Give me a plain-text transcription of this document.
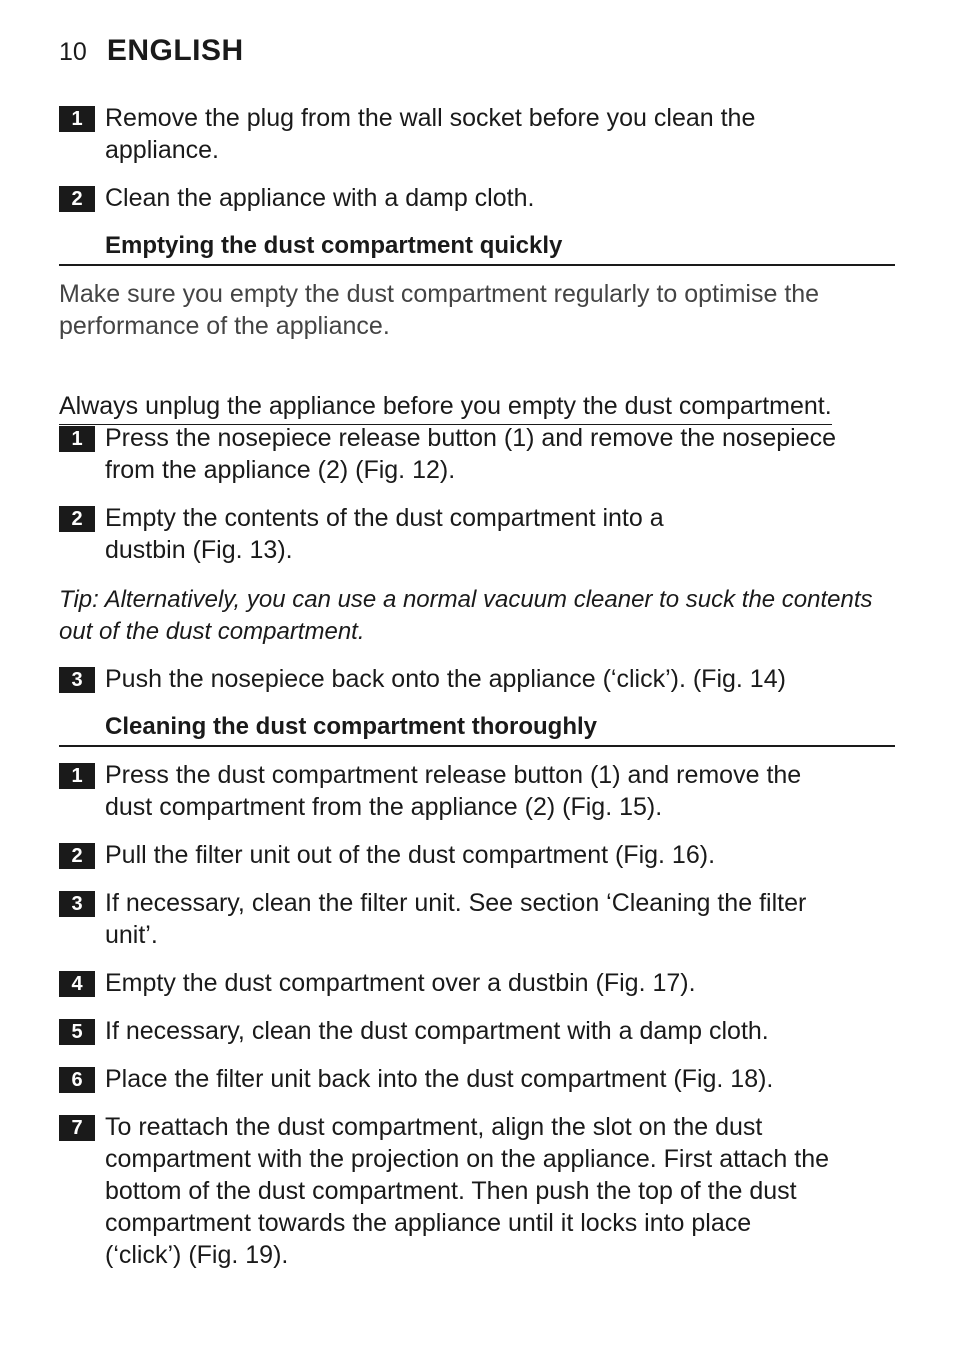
10 ENGLISH
1 Remove the plug from the wall socket before you clean the
appliance.
2 Clean the appliance with a damp cloth.
Emptying the dust compartment quickly
Make sure you empty the dust compartment regularly to optimise the
performance of the appliance.

Always unplug the appliance before you empty the dust compartment.

1 Press the nosepiece release button (1) and remove the nosepiece
from the appliance (2) (Fig. 12).
2 Empty the contents of the dust compartment into a
dustbin (Fig. 13).
Tip: Alternatively, you can use a normal vacuum cleaner to suck the contents
out of the dust compartment.
3 Push the nosepiece back onto the appliance (‘click’). (Fig. 14)
Cleaning the dust compartment thoroughly
1 Press the dust compartment release button (1) and remove the
dust compartment from the appliance (2) (Fig. 15).
2 Pull the filter unit out of the dust compartment (Fig. 16).
3 If necessary, clean the filter unit. See section ‘Cleaning the filter
unit’.
4 Empty the dust compartment over a dustbin (Fig. 17).
5 If necessary, clean the dust compartment with a damp cloth.
6 Place the filter unit back into the dust compartment (Fig. 18).
7 To reattach the dust compartment, align the slot on the dust
compartment with the projection on the appliance. First attach the
bottom of the dust compartment. Then push the top of the dust
compartment towards the appliance until it locks into place
(‘click’) (Fig. 19).
